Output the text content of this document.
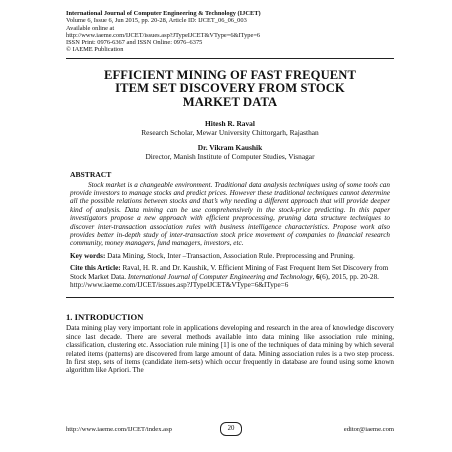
International Journal of Computer Engineering & Technology (IJCET)
Volume 6, Issue 6, Jun 2015, pp. 20-28, Article ID: IJCET_06_06_003
Available online at
http://www.iaeme.com/IJCET/issues.asp?JTypeIJCET&VType=6&IType=6
ISSN Print: 0976-6367 and ISSN Online: 0976–6375
© IAEME Publication
EFFICIENT MINING OF FAST FREQUENT
ITEM SET DISCOVERY FROM STOCK
MARKET DATA
Hitesh R. Raval
Research Scholar, Mewar University Chittorgarh, Rajasthan
Dr. Vikram Kaushik
Director, Manish Institute of Computer Studies, Visnagar
ABSTRACT
Stock market is a changeable environment. Traditional data analysis techniques using of some tools can provide investors to manage stocks and predict prices. However these traditional techniques cannot determine all the possible relations between stocks and that’s why needing a different approach that will provide deeper kind of analysis. Data mining can be use comprehensively in the stock-price predicting. In this paper investigators propose a new approach with efficient preprocessing, pruning data structure techniques to discover inter-transaction association rules with business intelligence characteristics. Propose work also provides better in-depth study of inter-transaction stock price movement of companies to financial research community, money managers, fund managers, investors, etc.
Key words: Data Mining, Stock, Inter –Transaction, Association Rule. Preprocessing and Pruning.
Cite this Article: Raval, H. R. and Dr. Kaushik, V. Efficient Mining of Fast Frequent Item Set Discovery from Stock Market Data. International Journal of Computer Engineering and Technology, 6(6), 2015, pp. 20-28. http://www.iaeme.com/IJCET/issues.asp?JTypeIJCET&VType=6&IType=6
1. INTRODUCTION
Data mining play very important role in applications developing and research in the area of knowledge discovery since last decade. There are several methods available into data mining like association rule mining, classification, clustering etc. Association rule mining [1] is one of the techniques of data mining by which several related items (patterns) are discovered from large amount of data. Mining association rules is a two step process. In first step, sets of items (candidate item-sets) which occur frequently in database are found using some known algorithm like Apriori. The
http://www.iaeme.com/IJCET/index.asp	20	editor@iaeme.com
